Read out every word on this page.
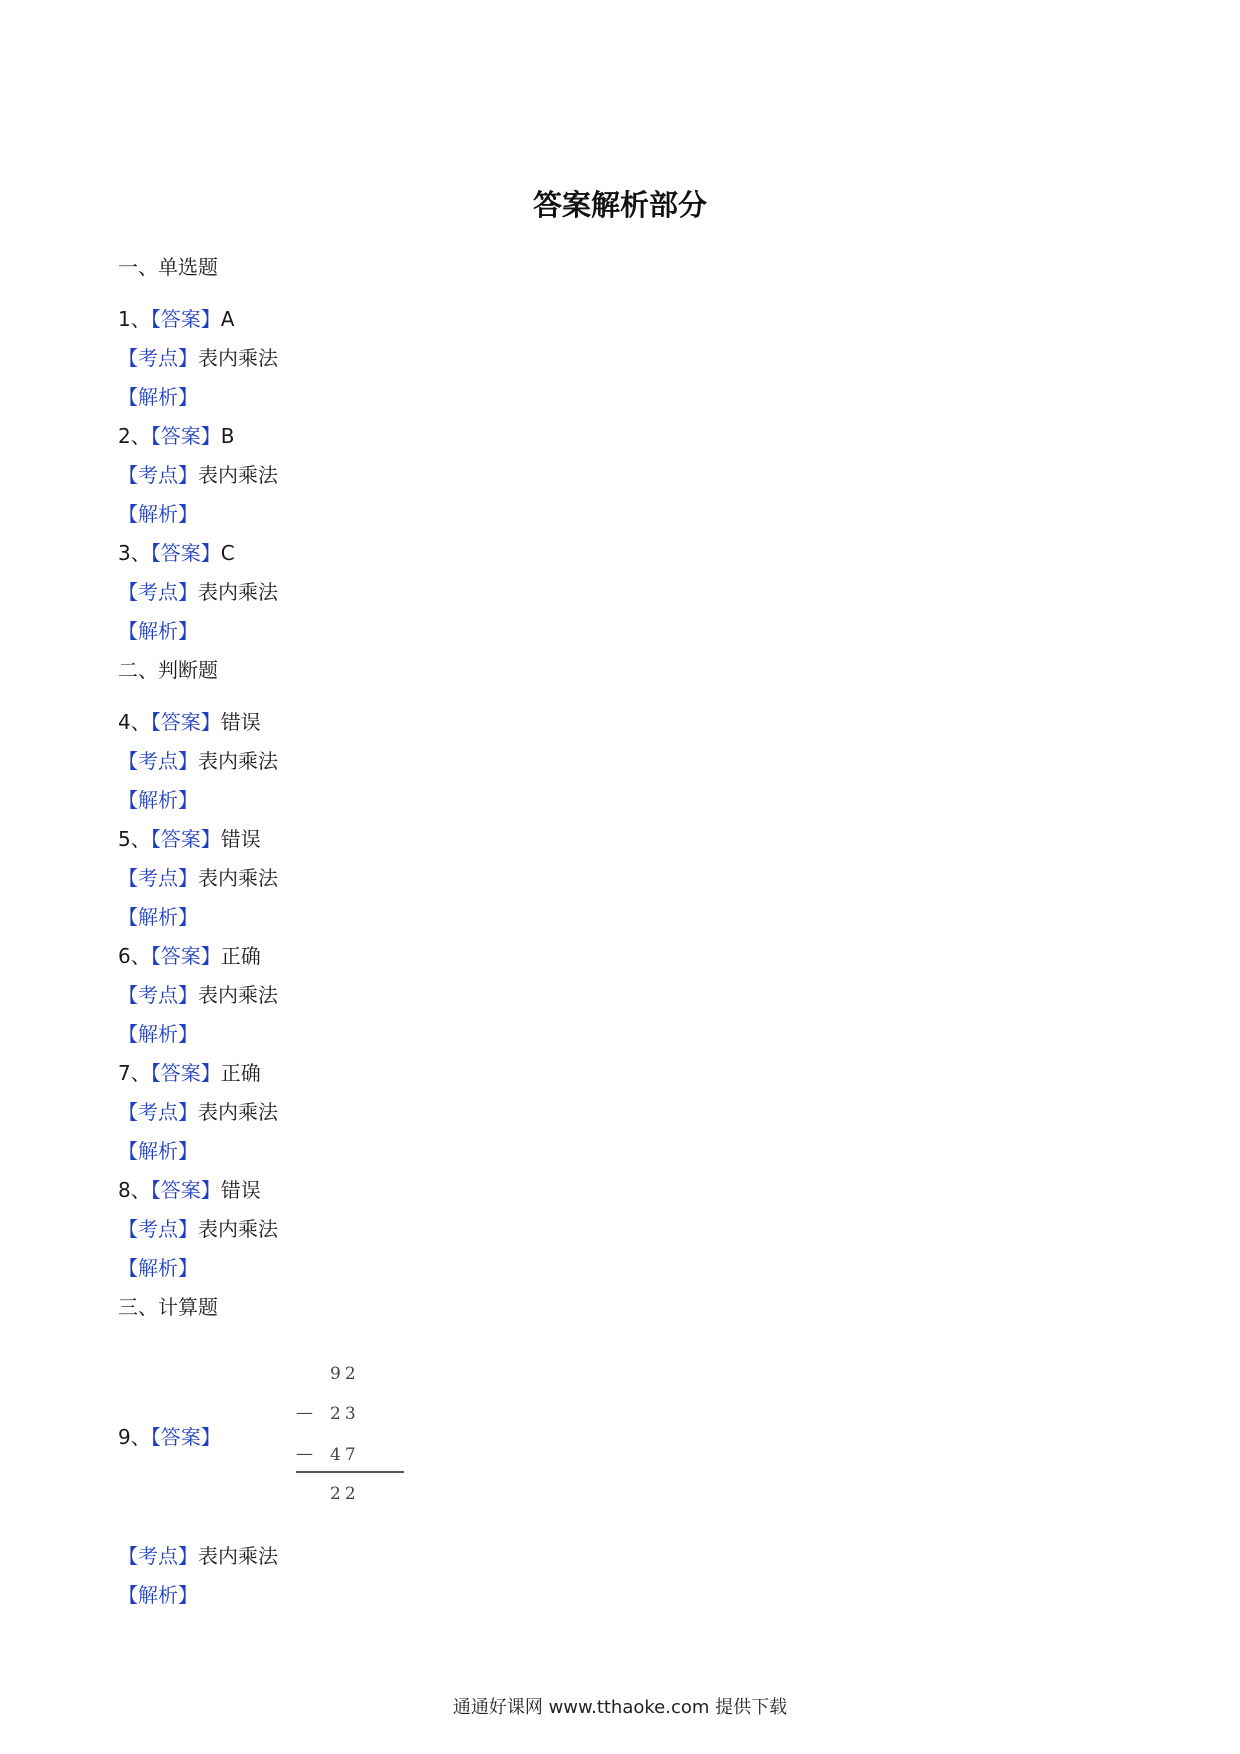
答案解析部分
一、单选题
1、【答案】A
【考点】表内乘法
【解析】
2、【答案】B
【考点】表内乘法
【解析】
3、【答案】C
【考点】表内乘法
【解析】
二、判断题
4、【答案】错误
【考点】表内乘法
【解析】
5、【答案】错误
【考点】表内乘法
【解析】
6、【答案】正确
【考点】表内乘法
【解析】
7、【答案】正确
【考点】表内乘法
【解析】
8、【答案】错误
【考点】表内乘法
【解析】
三、计算题
9、【答案】
92
— 23
— 47
22
【考点】表内乘法
【解析】
通通好课网 www.tthaoke.com 提供下载
